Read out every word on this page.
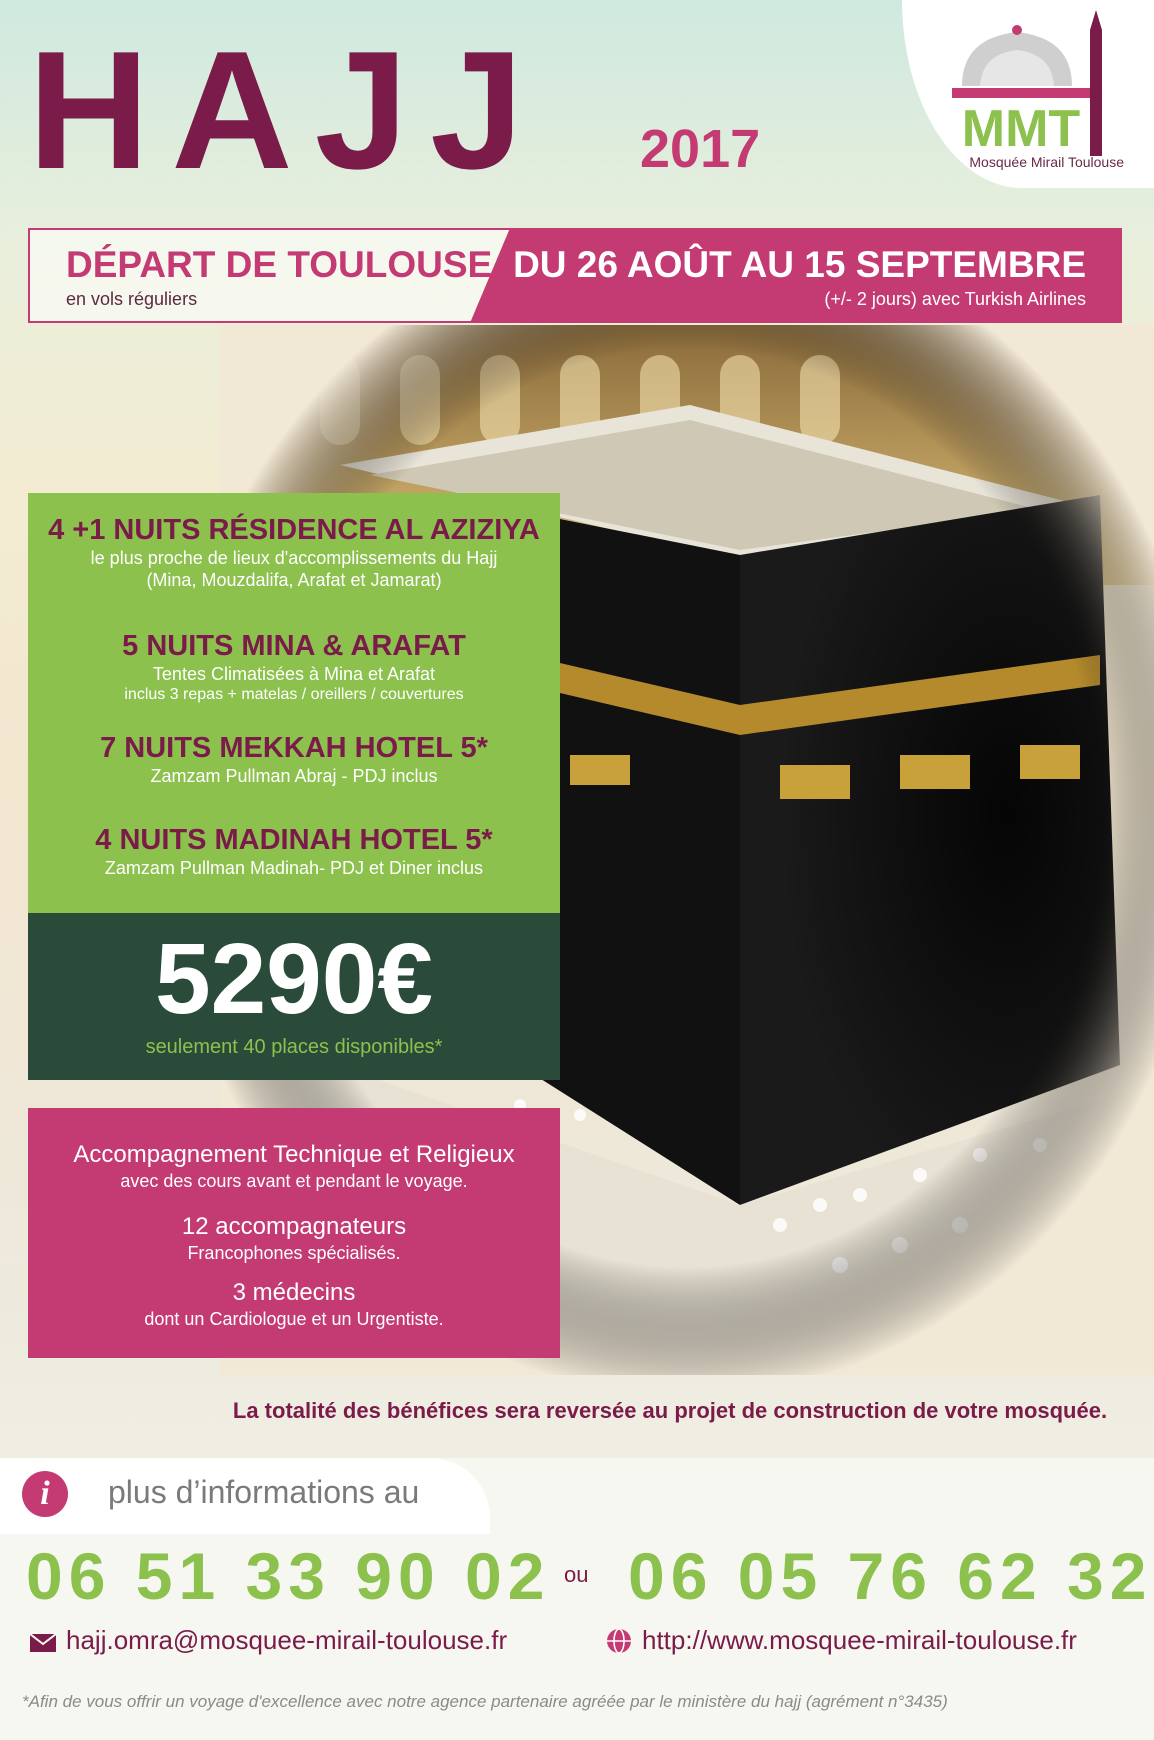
HAJJ 2017	MMT
Mosquée Mirail Toulouse
DÉPART DE TOULOUSE
en vols réguliers
DU 26 AOÛT AU 15 SEPTEMBRE
(+/- 2 jours) avec Turkish Airlines
4 +1 NUITS RÉSIDENCE AL AZIZIYA
le plus proche de lieux d'accomplissements du Hajj
(Mina, Mouzdalifa, Arafat et Jamarat)
5 NUITS MINA & ARAFAT
Tentes Climatisées à Mina et Arafat
inclus 3 repas + matelas / oreillers / couvertures
7 NUITS MEKKAH HOTEL 5*
Zamzam Pullman Abraj - PDJ inclus
4 NUITS MADINAH HOTEL 5*
Zamzam Pullman Madinah- PDJ et Diner inclus
5290€
seulement 40 places disponibles*
Accompagnement Technique et Religieux
avec des cours avant et pendant le voyage.
12 accompagnateurs
Francophones spécialisés.
3 médecins
dont un Cardiologue et un Urgentiste.
La totalité des bénéfices sera reversée au projet de construction de votre mosquée.
i	plus d’informations au
06 51 33 90 02 ou 06 05 76 62 32
hajj.omra@mosquee-mirail-toulouse.fr	http://www.mosquee-mirail-toulouse.fr
*Afin de vous offrir un voyage d'excellence avec notre agence partenaire agréée par le ministère du hajj (agrément n°3435)
